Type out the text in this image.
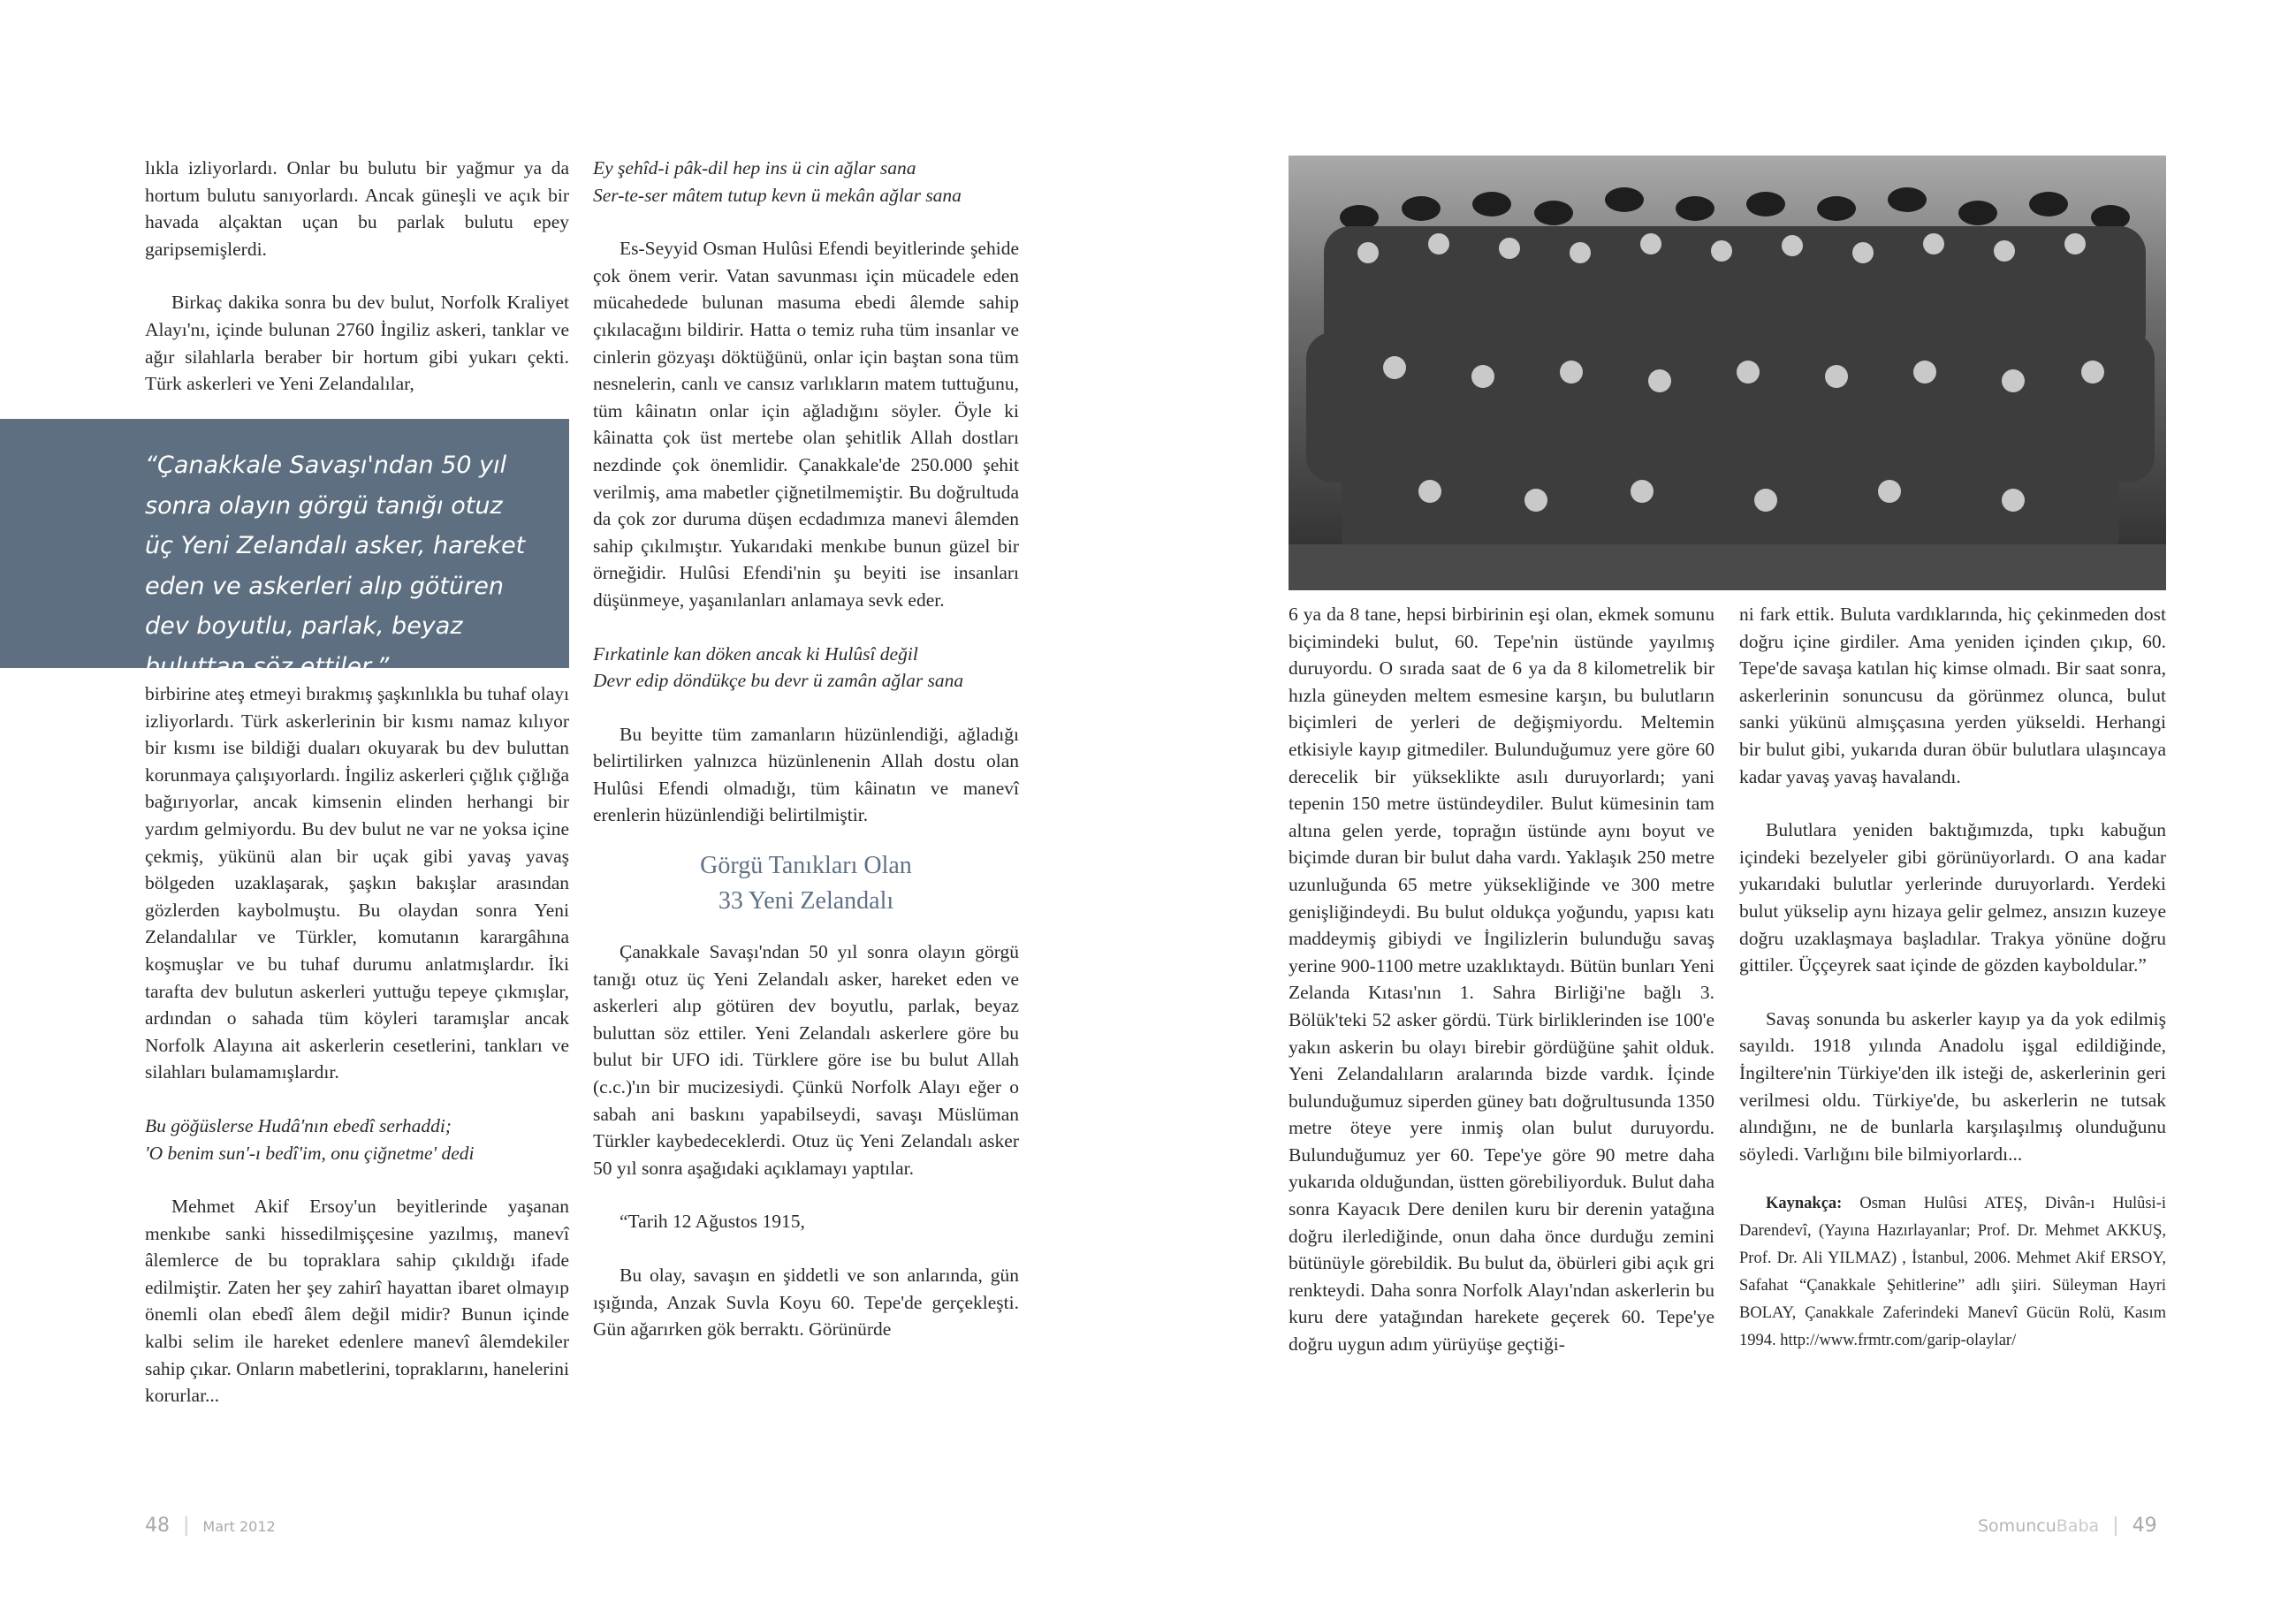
lıkla izliyorlardı. Onlar bu bulutu bir yağmur ya da hortum bulutu sanıyorlardı. Ancak güneşli ve açık bir havada alçaktan uçan bu parlak bulutu epey garipsemişlerdi.

Birkaç dakika sonra bu dev bulut, Norfolk Kraliyet Alayı'nı, içinde bulunan 2760 İngiliz askeri, tanklar ve ağır silahlarla beraber bir hortum gibi yukarı çekti. Türk askerleri ve Yeni Zelandalılar,

“Çanakkale Savaşı'ndan 50 yıl sonra olayın görgü tanığı otuz üç Yeni Zelandalı asker, hareket eden ve askerleri alıp götüren dev boyutlu, parlak, beyaz buluttan söz ettiler.”

birbirine ateş etmeyi bırakmış şaşkınlıkla bu tuhaf olayı izliyorlardı. Türk askerlerinin bir kısmı namaz kılıyor bir kısmı ise bildiği duaları okuyarak bu dev buluttan korunmaya çalışıyorlardı. İngiliz askerleri çığlık çığlığa bağırıyorlar, ancak kimsenin elinden herhangi bir yardım gelmiyordu. Bu dev bulut ne var ne yoksa içine çekmiş, yükünü alan bir uçak gibi yavaş yavaş bölgeden uzaklaşarak, şaşkın bakışlar arasından gözlerden kaybolmuştu. Bu olaydan sonra Yeni Zelandalılar ve Türkler, komutanın karargâhına koşmuşlar ve bu tuhaf durumu anlatmışlardır. İki tarafta dev bulutun askerleri yuttuğu tepeye çıkmışlar, ardından o sahada tüm köyleri taramışlar ancak Norfolk Alayına ait askerlerin cesetlerini, tankları ve silahları bulamamışlardır.

Bu göğüslerse Hudâ'nın ebedî serhaddi;

'O benim sun'-ı bedî'im, onu çiğnetme' dedi

Mehmet Akif Ersoy'un beyitlerinde yaşanan menkıbe sanki hissedilmişçesine yazılmış, manevî âlemlerce de bu topraklara sahip çıkıldığı ifade edilmiştir. Zaten her şey zahirî hayattan ibaret olmayıp önemli olan ebedî âlem değil midir? Bunun içinde kalbi selim ile hareket edenlere manevî âlemdekiler sahip çıkar. Onların mabetlerini, topraklarını, hanelerini korurlar...

Ey şehîd-i pâk-dil hep ins ü cin ağlar sana

Ser-te-ser mâtem tutup kevn ü mekân ağlar sana

Es-Seyyid Osman Hulûsi Efendi beyitlerinde şehide çok önem verir. Vatan savunması için mücadele eden mücahedede bulunan masuma ebedi âlemde sahip çıkılacağını bildirir. Hatta o temiz ruha tüm insanlar ve cinlerin gözyaşı döktüğünü, onlar için baştan sona tüm nesnelerin, canlı ve cansız varlıkların matem tuttuğunu, tüm kâinatın onlar için ağladığını söyler. Öyle ki kâinatta çok üst mertebe olan şehitlik Allah dostları nezdinde çok önemlidir. Çanakkale'de 250.000 şehit verilmiş, ama mabetler çiğnetilmemiştir. Bu doğrultuda da çok zor duruma düşen ecdadımıza manevi âlemden sahip çıkılmıştır. Yukarıdaki menkıbe bunun güzel bir örneğidir. Hulûsi Efendi'nin şu beyiti ise insanları düşünmeye, yaşanılanları anlamaya sevk eder.

Fırkatinle kan döken ancak ki Hulûsî değil

Devr edip döndükçe bu devr ü zamân ağlar sana

Bu beyitte tüm zamanların hüzünlendiği, ağladığı belirtilirken yalnızca hüzünlenenin Allah dostu olan Hulûsi Efendi olmadığı, tüm kâinatın ve manevî erenlerin hüzünlendiği belirtilmiştir.

Görgü Tanıkları Olan
33 Yeni Zelandalı

Çanakkale Savaşı'ndan 50 yıl sonra olayın görgü tanığı otuz üç Yeni Zelandalı asker, hareket eden ve askerleri alıp götüren dev boyutlu, parlak, beyaz buluttan söz ettiler. Yeni Zelandalı askerlere göre bu bulut bir UFO idi. Türklere göre ise bu bulut Allah (c.c.)'ın bir mucizesiydi. Çünkü Norfolk Alayı eğer o sabah ani baskını yapabilseydi, savaşı Müslüman Türkler kaybedeceklerdi. Otuz üç Yeni Zelandalı asker 50 yıl sonra aşağıdaki açıklamayı yaptılar.

“Tarih 12 Ağustos 1915,

Bu olay, savaşın en şiddetli ve son anlarında, gün ışığında, Anzak Suvla Koyu 60. Tepe'de gerçekleşti. Gün ağarırken gök berraktı. Görünürde

48 | Mart 2012

6 ya da 8 tane, hepsi birbirinin eşi olan, ekmek somunu biçimindeki bulut, 60. Tepe'nin üstünde yayılmış duruyordu. O sırada saat de 6 ya da 8 kilometrelik bir hızla güneyden meltem esmesine karşın, bu bulutların biçimleri de yerleri de değişmiyordu. Meltemin etkisiyle kayıp gitmediler. Bulunduğumuz yere göre 60 derecelik bir yükseklikte asılı duruyorlardı; yani tepenin 150 metre üstündeydiler. Bulut kümesinin tam altına gelen yerde, toprağın üstünde aynı boyut ve biçimde duran bir bulut daha vardı. Yaklaşık 250 metre uzunluğunda 65 metre yüksekliğinde ve 300 metre genişliğindeydi. Bu bulut oldukça yoğundu, yapısı katı maddeymiş gibiydi ve İngilizlerin bulunduğu savaş yerine 900-1100 metre uzaklıktaydı. Bütün bunları Yeni Zelanda Kıtası'nın 1. Sahra Birliği'ne bağlı 3. Bölük'teki 52 asker gördü. Türk birliklerinden ise 100'e yakın askerin bu olayı birebir gördüğüne şahit olduk. Yeni Zelandalıların aralarında bizde vardık. İçinde bulunduğumuz siperden güney batı doğrultusunda 1350 metre öteye yere inmiş olan bulut duruyordu. Bulunduğumuz yer 60. Tepe'ye göre 90 metre daha yukarıda olduğundan, üstten görebiliyorduk. Bulut daha sonra Kayacık Dere denilen kuru bir derenin yatağına doğru ilerlediğinde, onun daha önce durduğu zemini bütünüyle görebildik. Bu bulut da, öbürleri gibi açık gri renkteydi. Daha sonra Norfolk Alayı'ndan askerlerin bu kuru dere yatağından harekete geçerek 60. Tepe'ye doğru uygun adım yürüyüşe geçtiği-

ni fark ettik. Buluta vardıklarında, hiç çekinmeden dost doğru içine girdiler. Ama yeniden içinden çıkıp, 60. Tepe'de savaşa katılan hiç kimse olmadı. Bir saat sonra, askerlerinin sonuncusu da görünmez olunca, bulut sanki yükünü almışçasına yerden yükseldi. Herhangi bir bulut gibi, yukarıda duran öbür bulutlara ulaşıncaya kadar yavaş yavaş havalandı.

Bulutlara yeniden baktığımızda, tıpkı kabuğun içindeki bezelyeler gibi görünüyorlardı. O ana kadar yukarıdaki bulutlar yerlerinde duruyorlardı. Yerdeki bulut yükselip aynı hizaya gelir gelmez, ansızın kuzeye doğru uzaklaşmaya başladılar. Trakya yönüne doğru gittiler. Üççeyrek saat içinde de gözden kayboldular.”

Savaş sonunda bu askerler kayıp ya da yok edilmiş sayıldı. 1918 yılında Anadolu işgal edildiğinde, İngiltere'nin Türkiye'den ilk isteği de, askerlerinin geri verilmesi oldu. Türkiye'de, bu askerlerin ne tutsak alındığını, ne de bunlarla karşılaşılmış olunduğunu söyledi. Varlığını bile bilmiyorlardı...

Kaynakça: Osman Hulûsi ATEŞ, Divân-ı Hulûsi-i Darendevî, (Yayına Hazırlayanlar; Prof. Dr. Mehmet AKKUŞ, Prof. Dr. Ali YILMAZ) , İstanbul, 2006. Mehmet Akif ERSOY, Safahat “Çanakkale Şehitlerine” adlı şiiri. Süleyman Hayri BOLAY, Çanakkale Zaferindeki Manevî Gücün Rolü, Kasım 1994. http://www.frmtr.com/garip-olaylar/

SomuncuBaba | 49
